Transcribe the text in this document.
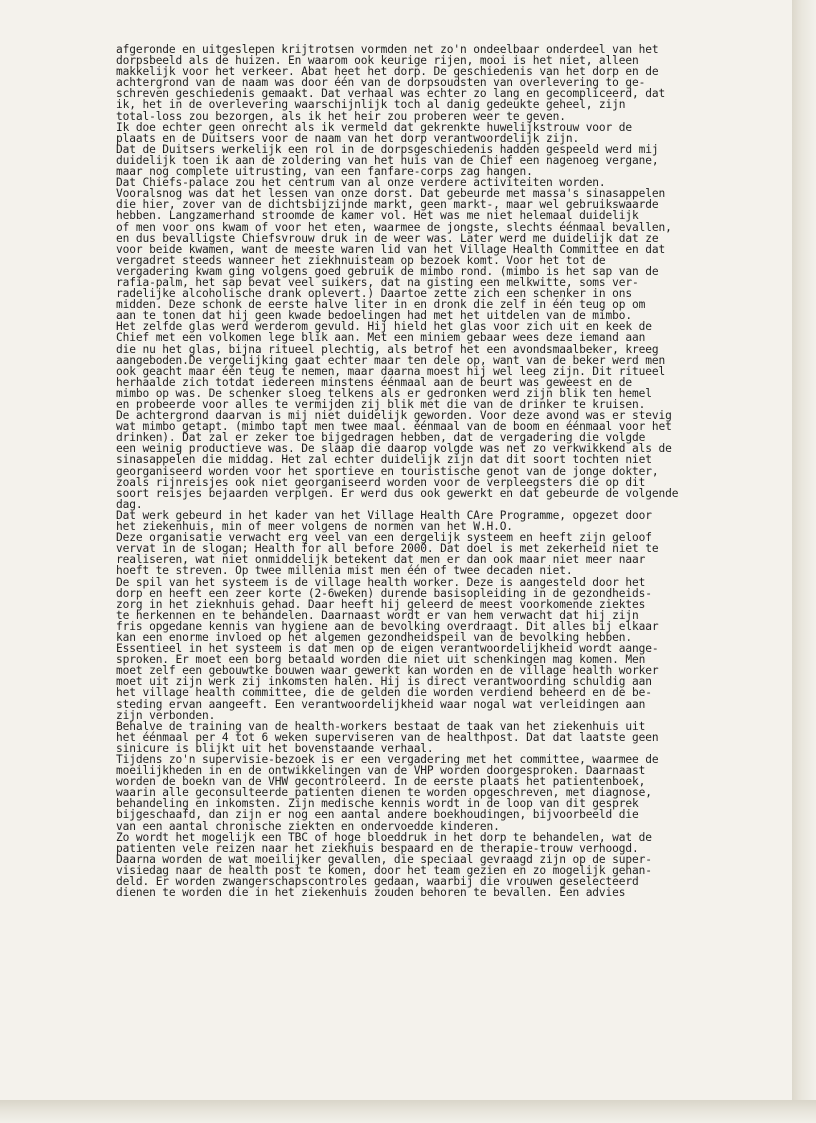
afgeronde en uitgeslepen krijtrotsen vormden net zo'n ondeelbaar onderdeel van het
dorpsbeeld als de huizen. En waarom ook keurige rijen, mooi is het niet, alleen
makkelijk voor het verkeer. Abat heet het dorp. De geschiedenis van het dorp en de
achtergrond van de naam was door één van de dorpsoudsten van overlevering to ge-
schreven geschiedenis gemaakt. Dat verhaal was echter zo lang en gecompliceerd, dat
ik, het in de overlevering waarschijnlijk toch al danig gedeukte geheel, zijn
total-loss zou bezorgen, als ik het heir zou proberen weer te geven.
Ik doe echter geen onrecht als ik vermeld dat gekrenkte huwelijkstrouw voor de
plaats en de Duitsers voor de naam van het dorp verantwoordelijk zijn.
Dat de Duitsers werkelijk een rol in de dorpsgeschiedenis hadden gespeeld werd mij
duidelijk toen ik aan de zoldering van het huis van de Chief een nagenoeg vergane,
maar nog complete uitrusting, van een fanfare-corps zag hangen.
Dat Chiefs-palace zou het centrum van al onze verdere activiteiten worden.
Vooralsnog was dat het lessen van onze dorst. Dat gebeurde met massa's sinasappelen
die hier, zover van de dichtsbijzijnde markt, geen markt-, maar wel gebruikswaarde
hebben. Langzamerhand stroomde de kamer vol. Het was me niet helemaal duidelijk
of men voor ons kwam of voor het eten, waarmee de jongste, slechts éénmaal bevallen,
en dus bevalligste Chiefsvrouw druk in de weer was. Later werd me duidelijk dat ze
voor beide kwamen, want de meeste waren lid van het Village Health Committee en dat
vergadret steeds wanneer het ziekhnuisteam op bezoek komt. Voor het tot de
vergadering kwam ging volgens goed gebruik de mimbo rond. (mimbo is het sap van de
rafia-palm, het sap bevat veel suikers, dat na gisting een melkwitte, soms ver-
radelijke alcoholische drank oplevert.) Daartoe zette zich een schenker in ons
midden. Deze schonk de eerste halve liter in en dronk die zelf in één teug op om
aan te tonen dat hij geen kwade bedoelingen had met het uitdelen van de mimbo.
Het zelfde glas werd werderom gevuld. Hij hield het glas voor zich uit en keek de
Chief met een volkomen lege blik aan. Met een miniem gebaar wees deze iemand aan
die nu het glas, bijna ritueel plechtig, als betrof het een avondsmaalbeker, kreeg
aangeboden.De vergelijking gaat echter maar ten dele op, want van de beker werd men
ook geacht maar één teug te nemen, maar daarna moest hij wel leeg zijn. Dit ritueel
herhaalde zich totdat iedereen minstens éénmaal aan de beurt was geweest en de
mimbo op was. De schenker sloeg telkens als er gedronken werd zijn blik ten hemel
en probeerde voor alles te vermijden zij blik met die van de drinker te kruisen.
De achtergrond daarvan is mij niet duidelijk geworden. Voor deze avond was er stevig
wat mimbo getapt. (mimbo tapt men twee maal. éénmaal van de boom en éénmaal voor het
drinken). Dat zal er zeker toe bijgedragen hebben, dat de vergadering die volgde
een weinig productieve was. De slaap die daarop volgde was net zo verkwikkend als de
sinasappelen die middag. Het zal echter duidelijk zijn dat dit soort tochten niet
georganiseerd worden voor het sportieve en touristische genot van de jonge dokter,
zoals rijnreisjes ook niet georganiseerd worden voor de verpleegsters die op dit
soort reisjes bejaarden verplgen. Er werd dus ook gewerkt en dat gebeurde de volgende
dag.
Dat werk gebeurd in het kader van het Village Health CAre Programme, opgezet door
het ziekenhuis, min of meer volgens de normen van het W.H.O.
Deze organisatie verwacht erg veel van een dergelijk systeem en heeft zijn geloof
vervat in de slogan; Health for all before 2000. Dat doel is met zekerheid niet te
realiseren, wat niet onmiddelijk betekent dat men er dan ook maar niet meer naar
hoeft te streven. Op twee millenia mist men één of twee decaden niet.
De spil van het systeem is de village health worker. Deze is aangesteld door het
dorp en heeft een zeer korte (2-6weken) durende basisopleiding in de gezondheids-
zorg in het zieknhuis gehad. Daar heeft hij geleerd de meest voorkomende ziektes
te herkennen en te behandelen. Daarnaast wordt er van hem verwacht dat hij zijn
fris opgedane kennis van hygiene aan de bevolking overdraagt. Dit alles bij elkaar
kan een enorme invloed op het algemen gezondheidspeil van de bevolking hebben.
Essentieel in het systeem is dat men op de eigen verantwoordelijkheid wordt aange-
sproken. Er moet een borg betaald worden die niet uit schenkingen mag komen. Men
moet zelf een gebouwtke bouwen waar gewerkt kan worden en de village health worker
moet uit zijn werk zij inkomsten halen. Hij is direct verantwoording schuldig aan
het village health committee, die de gelden die worden verdiend beheerd en de be-
steding ervan aangeeft. Een verantwoordelijkheid waar nogal wat verleidingen aan
zijn verbonden.
Behalve de training van de health-workers bestaat de taak van het ziekenhuis uit
het éénmaal per 4 tot 6 weken superviseren van de healthpost. Dat dat laatste geen
sinicure is blijkt uit het bovenstaande verhaal.
Tijdens zo'n supervisie-bezoek is er een vergadering met het committee, waarmee de
moeilijkheden in en de ontwikkelingen van de VHP worden doorgesproken. Daarnaast
worden de boekn van de VHW gecontroleerd. In de eerste plaats het patientenboek,
waarin alle geconsulteerde patienten dienen te worden opgeschreven, met diagnose,
behandeling en inkomsten. Zijn medische kennis wordt in de loop van dit gesprek
bijgeschaafd, dan zijn er nog een aantal andere boekhoudingen, bijvoorbeeld die
van een aantal chronische ziekten en ondervoedde kinderen.
Zo wordt het mogelijk een TBC of hoge bloeddruk in het dorp te behandelen, wat de
patienten vele reizen naar het ziekhuis bespaard en de therapie-trouw verhoogd.
Daarna worden de wat moeilijker gevallen, die speciaal gevraagd zijn op de super-
visiedag naar de health post te komen, door het team gezien en zo mogelijk gehan-
deld. Er worden zwangerschapscontroles gedaan, waarbij die vrouwen geselecteerd
dienen te worden die in het ziekenhuis zouden behoren te bevallen. Een advies
